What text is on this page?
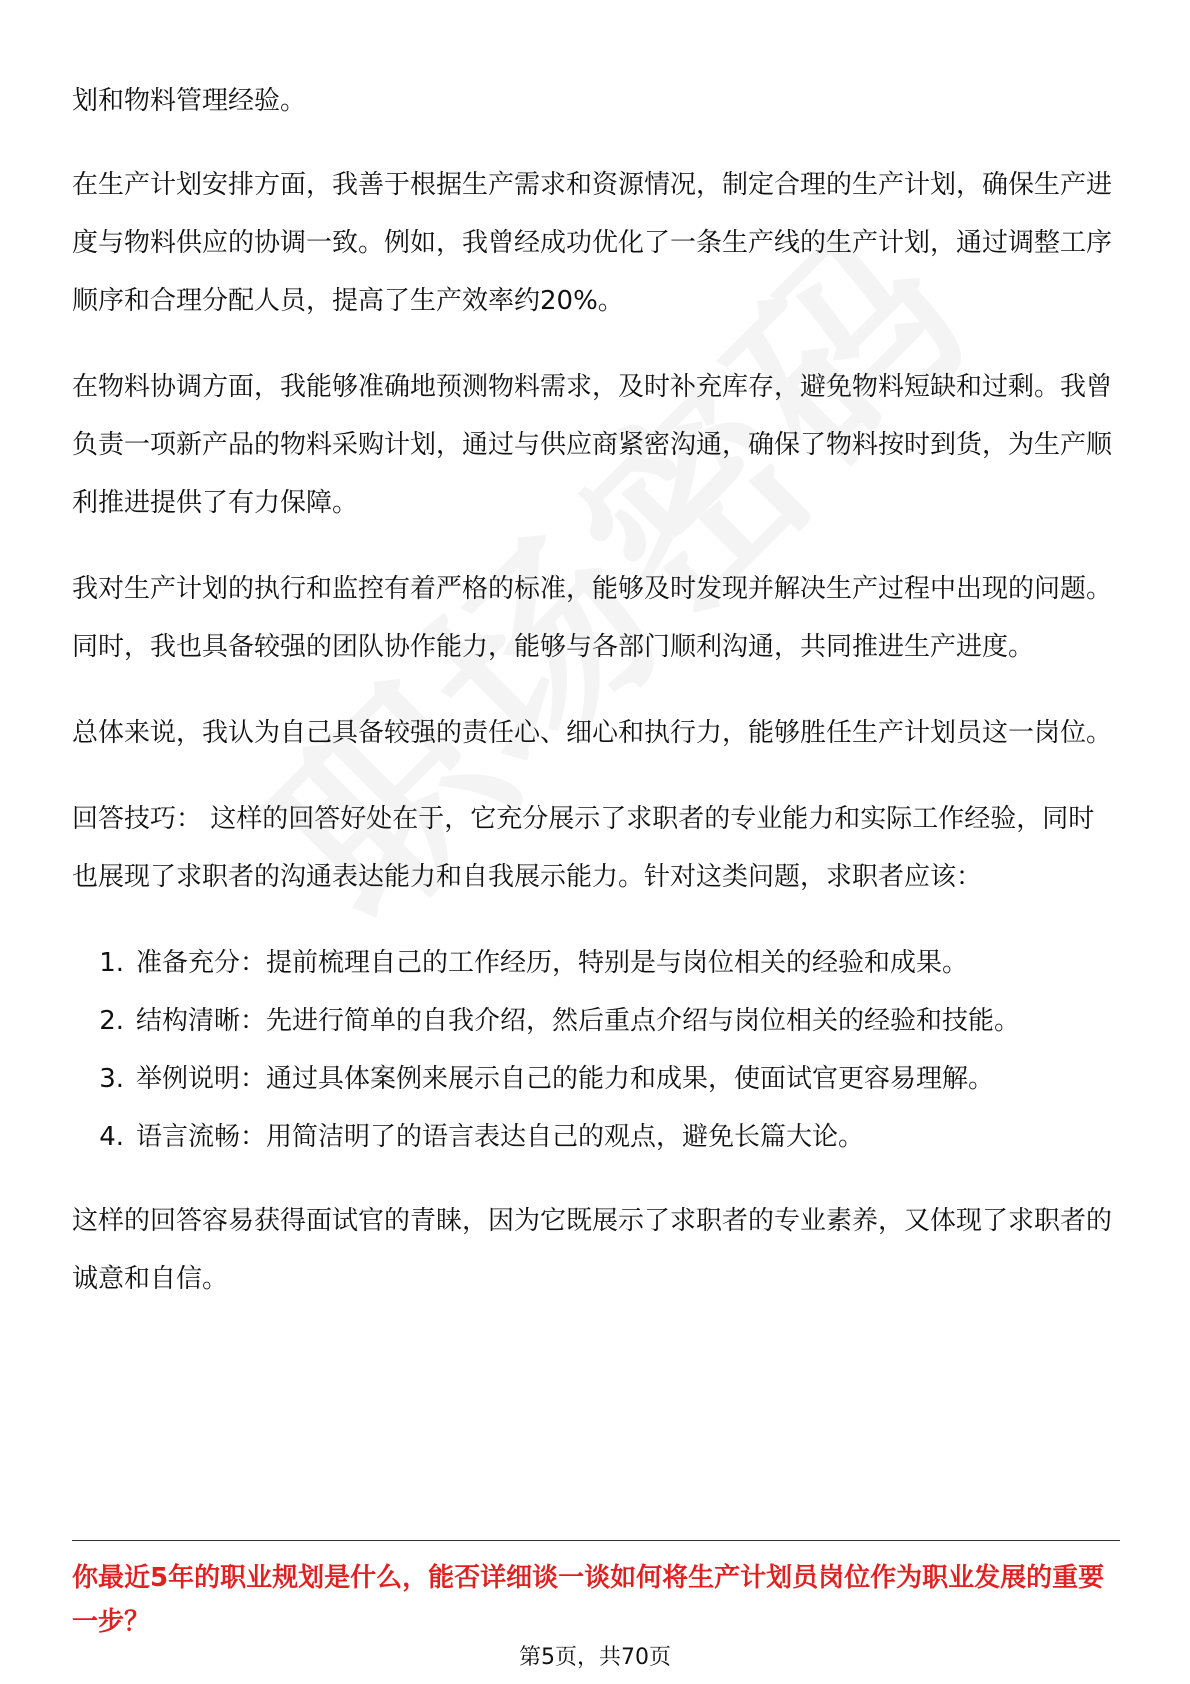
划和物料管理经验。

在生产计划安排方面，我善于根据生产需求和资源情况，制定合理的生产计划，确保生产进度与物料供应的协调一致。例如，我曾经成功优化了一条生产线的生产计划，通过调整工序顺序和合理分配人员，提高了生产效率约20%。

在物料协调方面，我能够准确地预测物料需求，及时补充库存，避免物料短缺和过剩。我曾负责一项新产品的物料采购计划，通过与供应商紧密沟通，确保了物料按时到货，为生产顺利推进提供了有力保障。

我对生产计划的执行和监控有着严格的标准，能够及时发现并解决生产过程中出现的问题。同时，我也具备较强的团队协作能力，能够与各部门顺利沟通，共同推进生产进度。

总体来说，我认为自己具备较强的责任心、细心和执行力，能够胜任生产计划员这一岗位。

回答技巧： 这样的回答好处在于，它充分展示了求职者的专业能力和实际工作经验，同时也展现了求职者的沟通表达能力和自我展示能力。针对这类问题，求职者应该：

1. 准备充分：提前梳理自己的工作经历，特别是与岗位相关的经验和成果。
2. 结构清晰：先进行简单的自我介绍，然后重点介绍与岗位相关的经验和技能。
3. 举例说明：通过具体案例来展示自己的能力和成果，使面试官更容易理解。
4. 语言流畅：用简洁明了的语言表达自己的观点，避免长篇大论。

这样的回答容易获得面试官的青睐，因为它既展示了求职者的专业素养，又体现了求职者的诚意和自信。

你最近5年的职业规划是什么，能否详细谈一谈如何将生产计划员岗位作为职业发展的重要一步？
第5页，共70页
